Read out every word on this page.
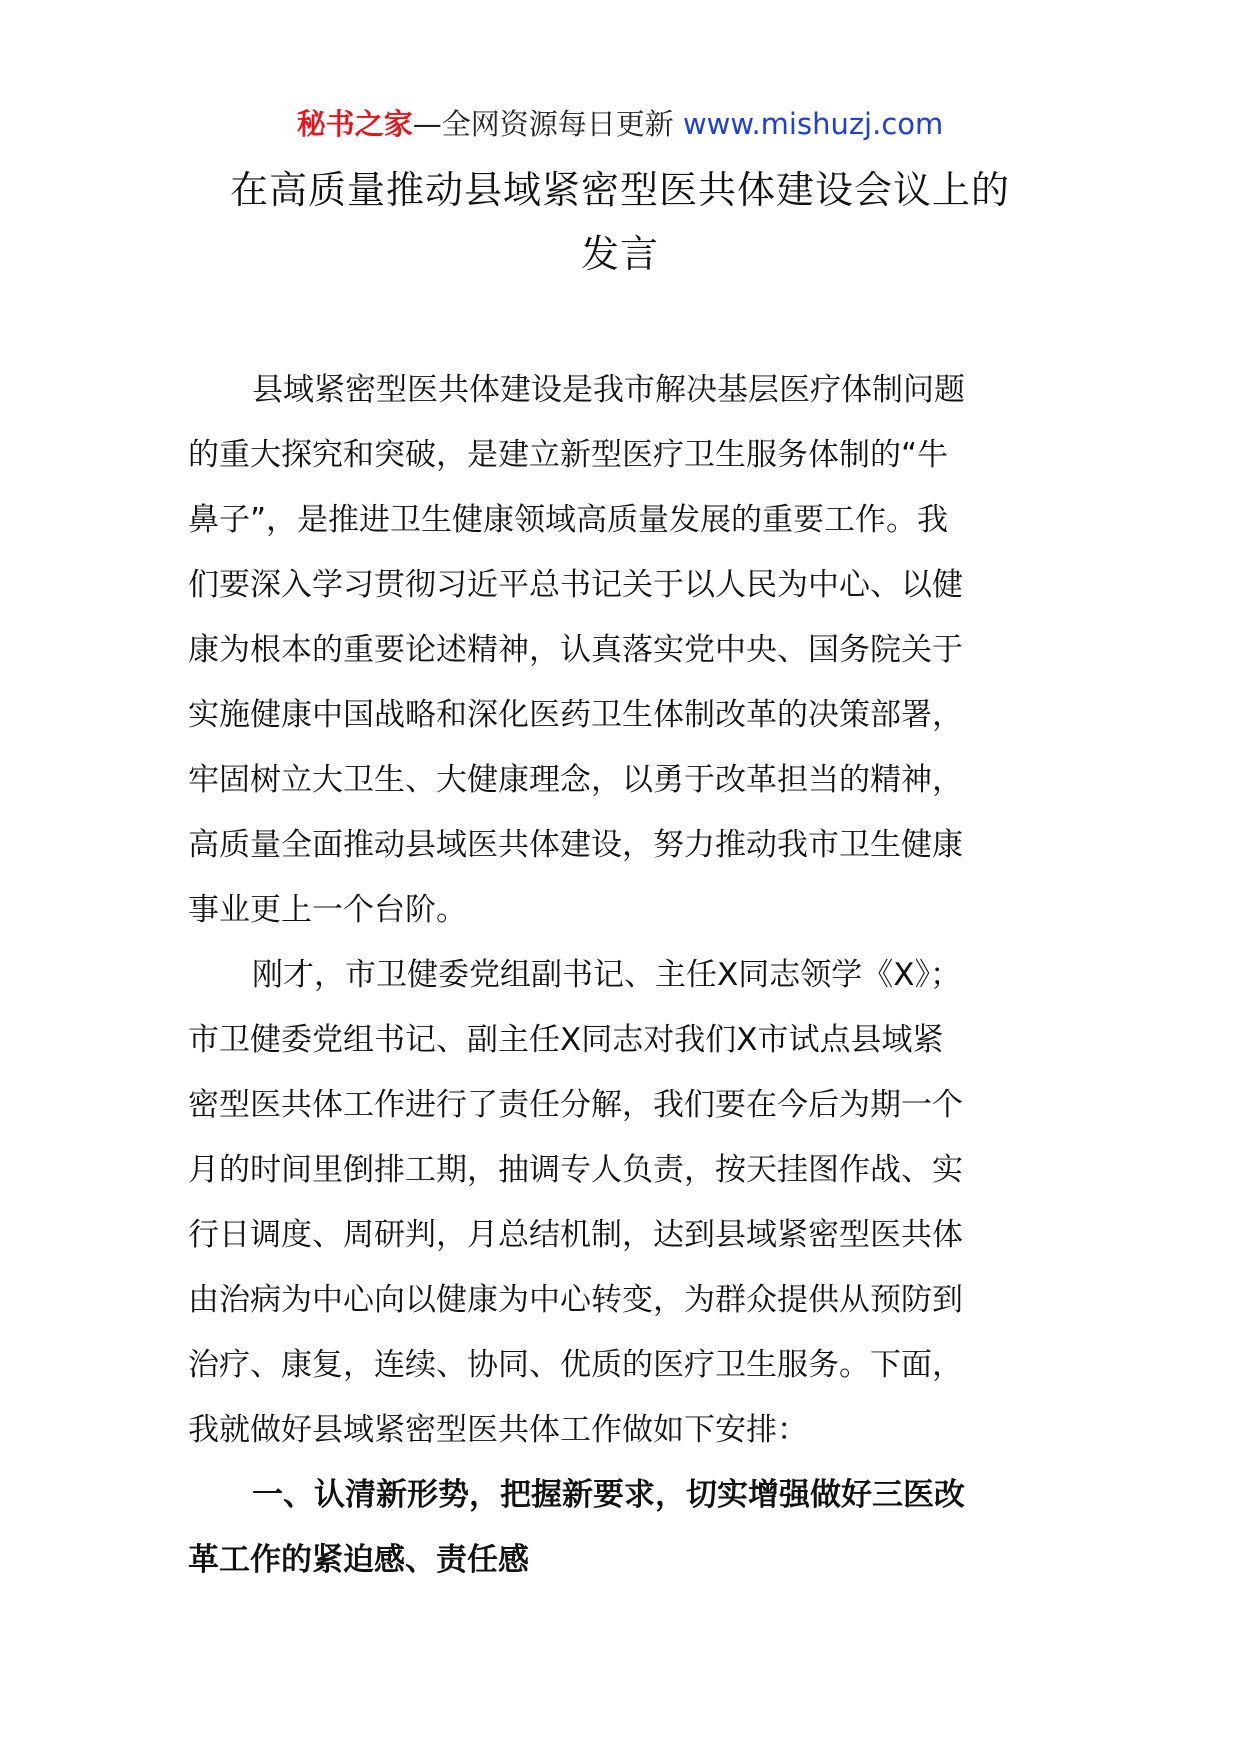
秘书之家—全网资源每日更新 www.mishuzj.com
在高质量推动县域紧密型医共体建设会议上的
发言

县域紧密型医共体建设是我市解决基层医疗体制问题
的重大探究和突破，是建立新型医疗卫生服务体制的“牛
鼻子”，是推进卫生健康领域高质量发展的重要工作。我
们要深入学习贯彻习近平总书记关于以人民为中心、以健
康为根本的重要论述精神，认真落实党中央、国务院关于
实施健康中国战略和深化医药卫生体制改革的决策部署，
牢固树立大卫生、大健康理念，以勇于改革担当的精神，
高质量全面推动县域医共体建设，努力推动我市卫生健康
事业更上一个台阶。

刚才，市卫健委党组副书记、主任X同志领学《X》；
市卫健委党组书记、副主任X同志对我们X市试点县域紧
密型医共体工作进行了责任分解，我们要在今后为期一个
月的时间里倒排工期，抽调专人负责，按天挂图作战、实
行日调度、周研判，月总结机制，达到县域紧密型医共体
由治病为中心向以健康为中心转变，为群众提供从预防到
治疗、康复，连续、协同、优质的医疗卫生服务。下面，
我就做好县域紧密型医共体工作做如下安排：

一、认清新形势，把握新要求，切实增强做好三医改
革工作的紧迫感、责任感
